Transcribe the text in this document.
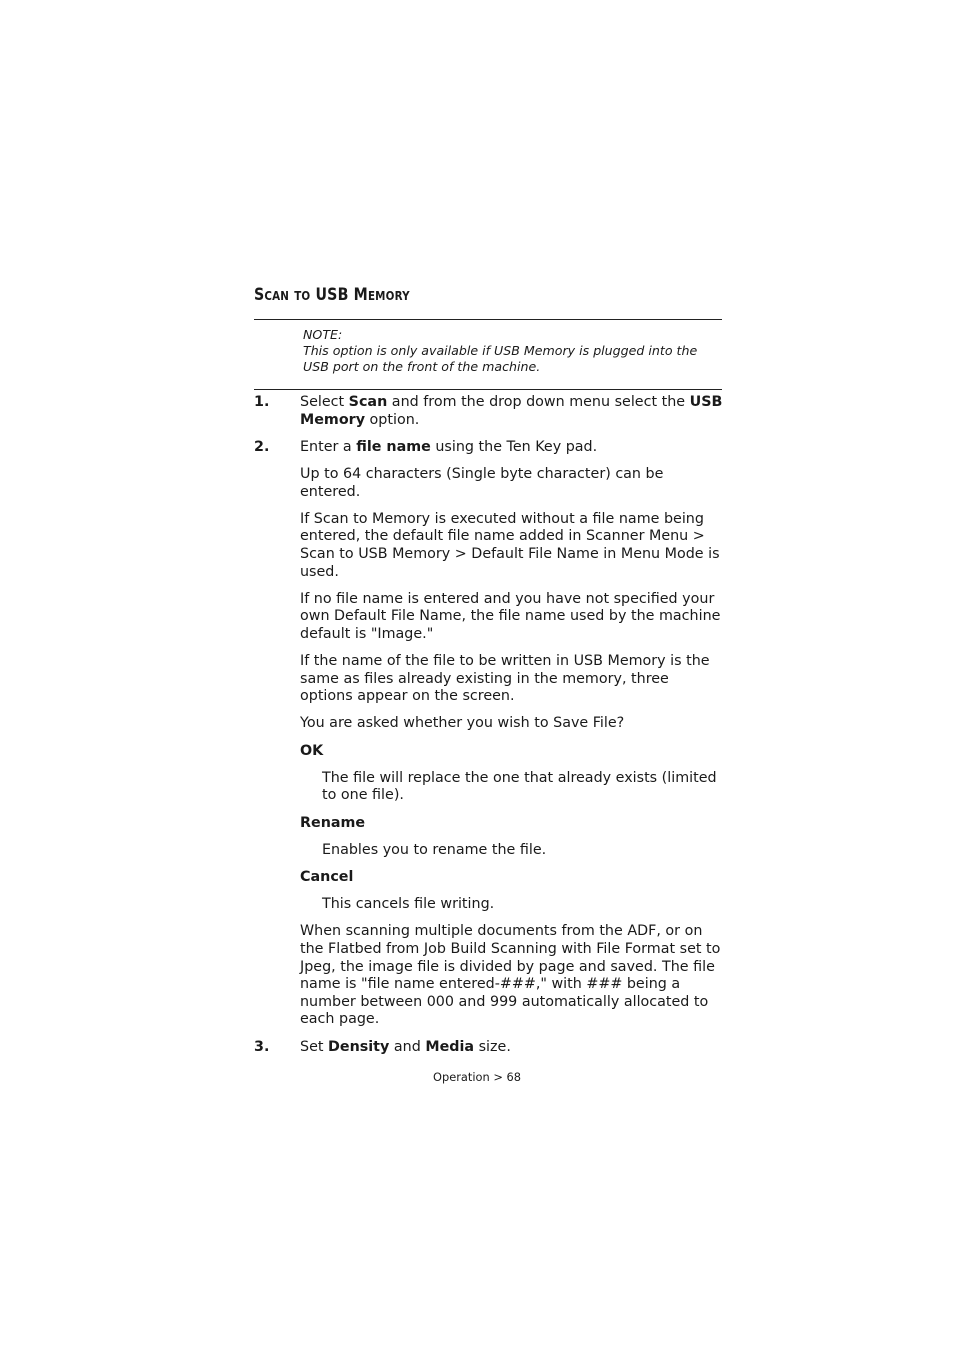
Scan to USB Memory
NOTE:
This option is only available if USB Memory is plugged into the USB port on the front of the machine.
1.	Select Scan and from the drop down menu select the USB Memory option.
2.	Enter a file name using the Ten Key pad.

Up to 64 characters (Single byte character) can be entered.

If Scan to Memory is executed without a file name being entered, the default file name added in Scanner Menu > Scan to USB Memory > Default File Name in Menu Mode is used.

If no file name is entered and you have not specified your own Default File Name, the file name used by the machine default is "Image."

If the name of the file to be written in USB Memory is the same as files already existing in the memory, three options appear on the screen.

You are asked whether you wish to Save File?

OK

The file will replace the one that already exists (limited to one file).

Rename

Enables you to rename the file.

Cancel

This cancels file writing.

When scanning multiple documents from the ADF, or on the Flatbed from Job Build Scanning with File Format set to Jpeg, the image file is divided by page and saved. The file name is "file name entered-###," with ### being a number between 000 and 999 automatically allocated to each page.

3.	Set Density and Media size.
Operation > 68
